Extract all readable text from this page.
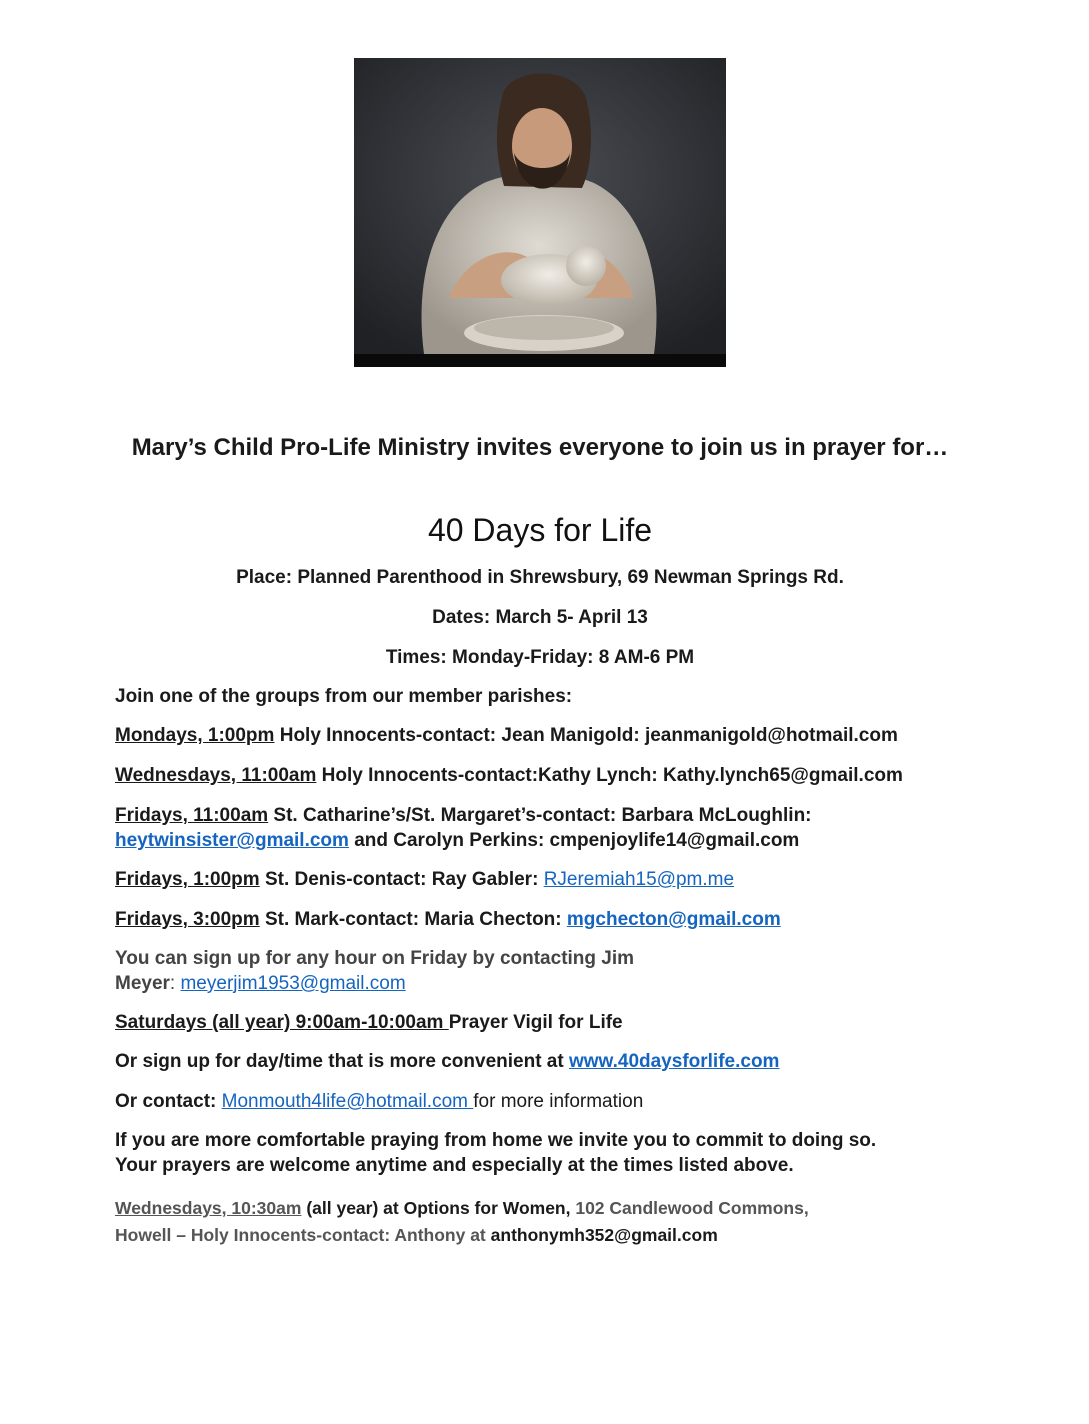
Mary’s Child Pro-Life Ministry invites everyone to join us in prayer for…
40 Days for Life
Place: Planned Parenthood in Shrewsbury, 69 Newman Springs Rd.
Dates: March 5- April 13
Times: Monday-Friday: 8 AM-6 PM
Join one of the groups from our member parishes:
Mondays, 1:00pm Holy Innocents-contact: Jean Manigold: jeanmanigold@hotmail.com
Wednesdays, 11:00am Holy Innocents-contact:Kathy Lynch: Kathy.lynch65@gmail.com
Fridays, 11:00am St. Catharine’s/St. Margaret’s-contact: Barbara McLoughlin:
heytwinsister@gmail.com and Carolyn Perkins: cmpenjoylife14@gmail.com
Fridays, 1:00pm St. Denis-contact: Ray Gabler: RJeremiah15@pm.me
Fridays, 3:00pm St. Mark-contact: Maria Checton: mgchecton@gmail.com
You can sign up for any hour on Friday by contacting Jim
Meyer: meyerjim1953@gmail.com
Saturdays (all year) 9:00am-10:00am Prayer Vigil for Life
Or sign up for day/time that is more convenient at www.40daysforlife.com
Or contact: Monmouth4life@hotmail.com for more information
If you are more comfortable praying from home we invite you to commit to doing so.
Your prayers are welcome anytime and especially at the times listed above.
Wednesdays, 10:30am (all year) at Options for Women, 102 Candlewood Commons,
Howell – Holy Innocents-contact: Anthony at anthonymh352@gmail.com
